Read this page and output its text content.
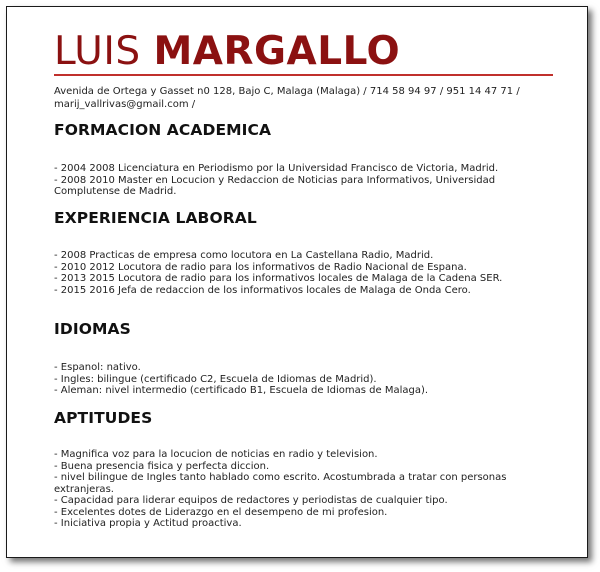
LUIS MARGALLO
Avenida de Ortega y Gasset n0 128, Bajo C, Malaga (Malaga) / 714 58 94 97 / 951 14 47 71 / marij_vallrivas@gmail.com /
FORMACION ACADEMICA
- 2004 2008 Licenciatura en Periodismo por la Universidad Francisco de Victoria, Madrid.
- 2008 2010 Master en Locucion y Redaccion de Noticias para Informativos, Universidad Complutense de Madrid.
EXPERIENCIA LABORAL
- 2008 Practicas de empresa como locutora en La Castellana Radio, Madrid.
- 2010 2012 Locutora de radio para los informativos de Radio Nacional de Espana.
- 2013 2015 Locutora de radio para los informativos locales de Malaga de la Cadena SER.
- 2015 2016 Jefa de redaccion de los informativos locales de Malaga de Onda Cero.
IDIOMAS
- Espanol: nativo.
- Ingles: bilingue (certificado C2, Escuela de Idiomas de Madrid).
- Aleman: nivel intermedio (certificado B1, Escuela de Idiomas de Malaga).
APTITUDES
- Magnifica voz para la locucion de noticias en radio y television.
- Buena presencia fisica y perfecta diccion.
- nivel bilingue de Ingles tanto hablado como escrito. Acostumbrada a tratar con personas extranjeras.
- Capacidad para liderar equipos de redactores y periodistas de cualquier tipo.
- Excelentes dotes de Liderazgo en el desempeno de mi profesion.
- Iniciativa propia y Actitud proactiva.
